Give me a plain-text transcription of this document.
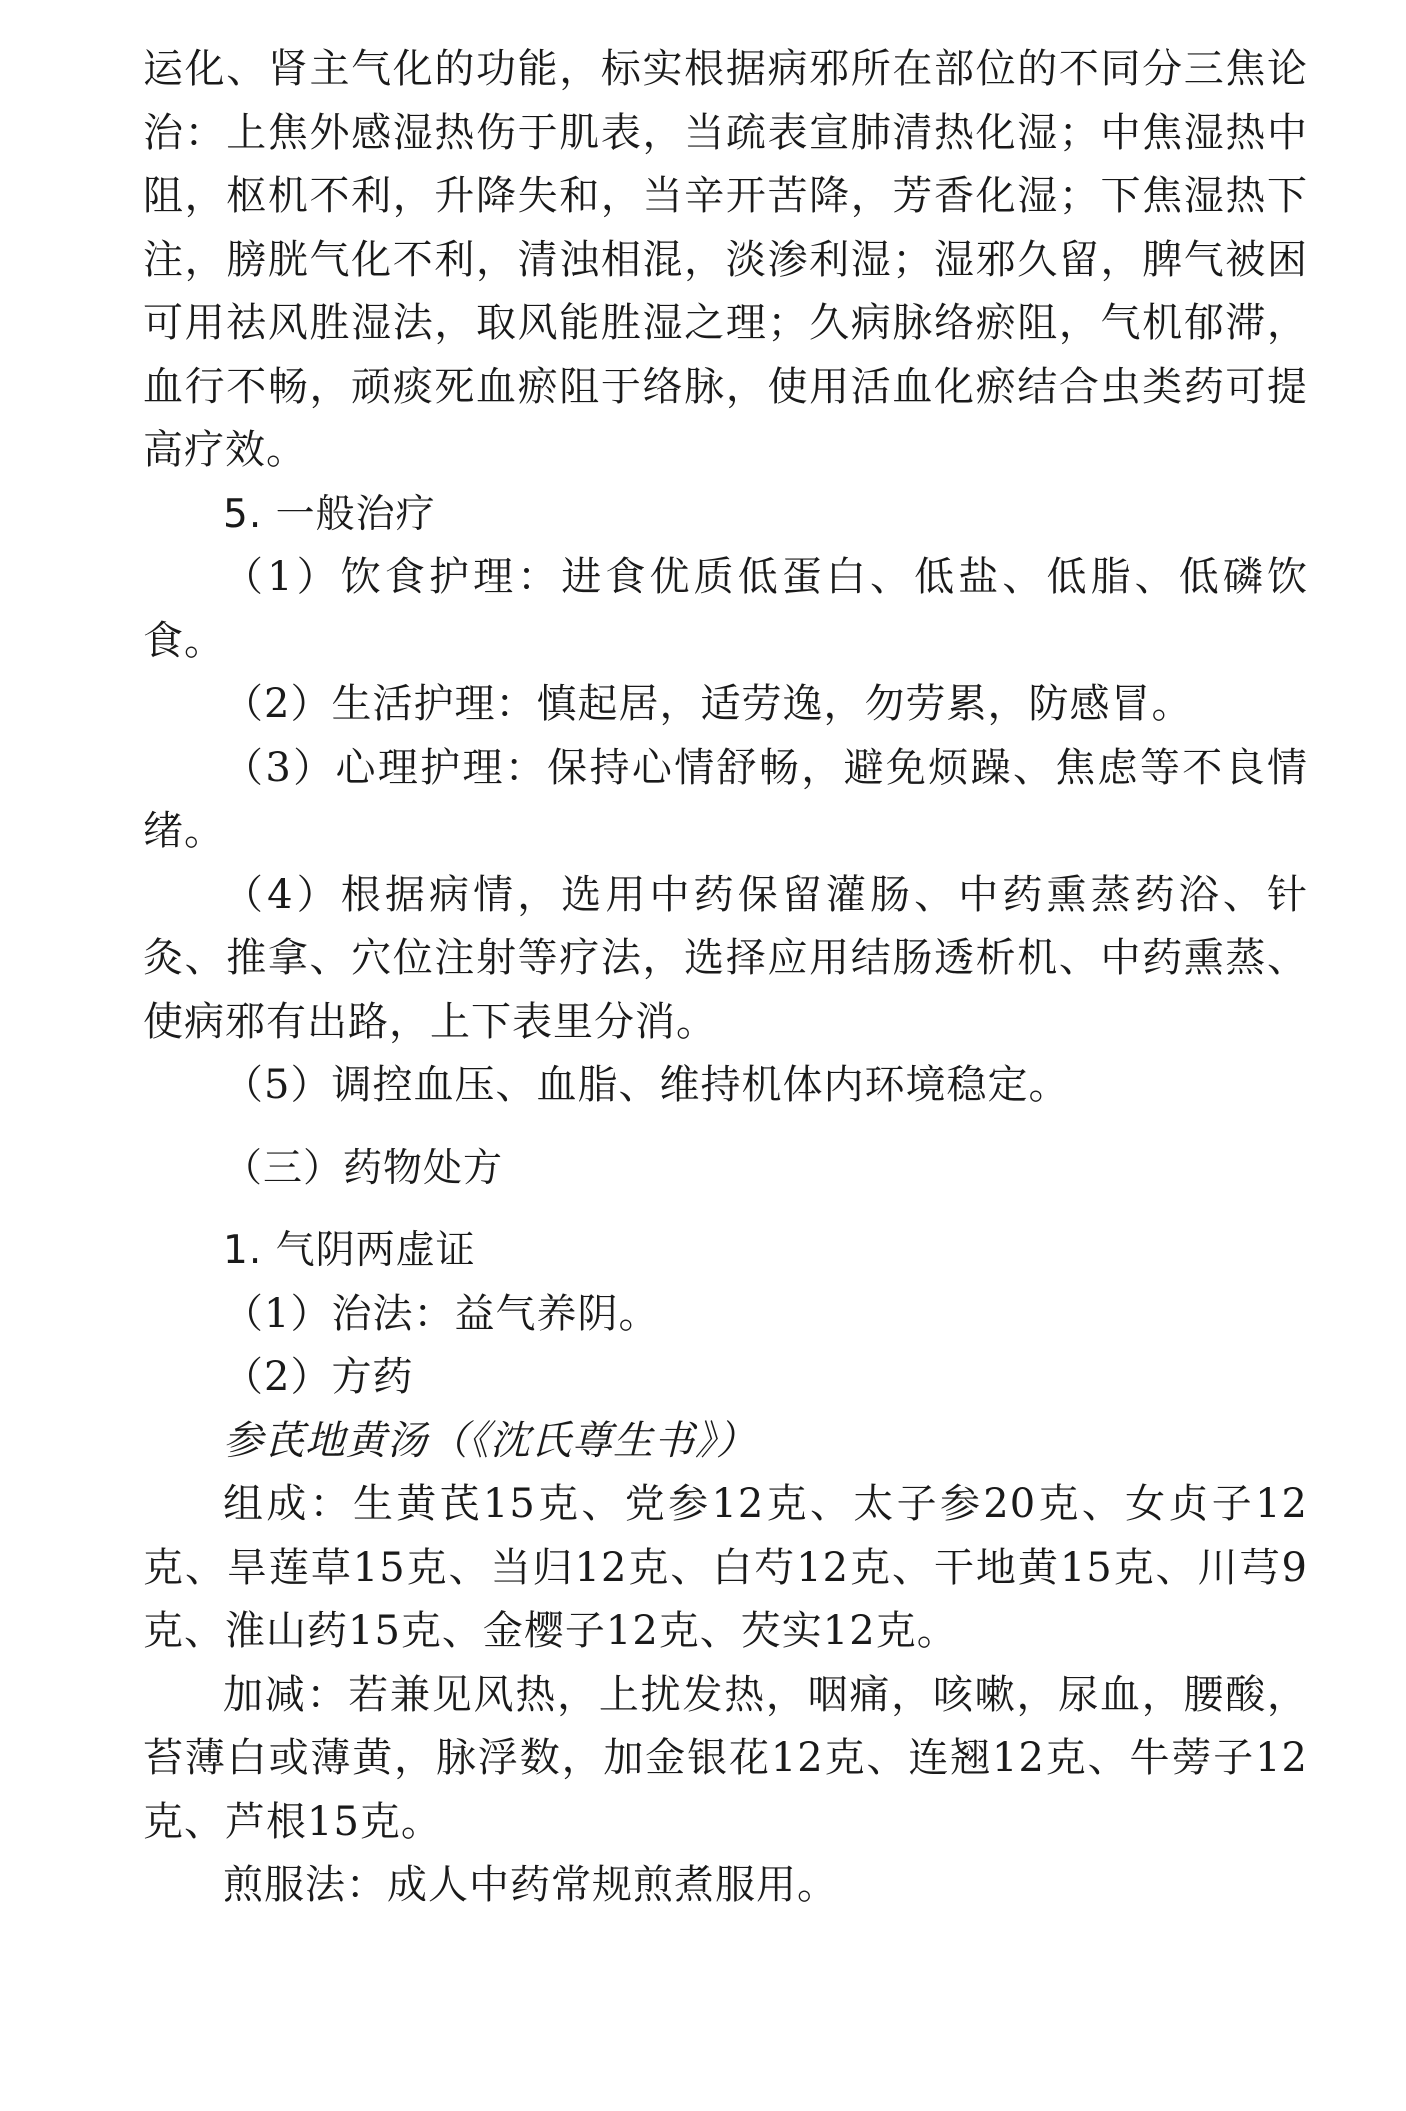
运化、肾主气化的功能，标实根据病邪所在部位的不同分三焦论治：上焦外感湿热伤于肌表，当疏表宣肺清热化湿；中焦湿热中阻，枢机不利，升降失和，当辛开苦降，芳香化湿；下焦湿热下注，膀胱气化不利，清浊相混，淡渗利湿；湿邪久留，脾气被困可用祛风胜湿法，取风能胜湿之理；久病脉络瘀阻，气机郁滞，血行不畅，顽痰死血瘀阻于络脉，使用活血化瘀结合虫类药可提高疗效。

5. 一般治疗

（1）饮食护理：进食优质低蛋白、低盐、低脂、低磷饮食。

（2）生活护理：慎起居，适劳逸，勿劳累，防感冒。

（3）心理护理：保持心情舒畅，避免烦躁、焦虑等不良情绪。

（4）根据病情，选用中药保留灌肠、中药熏蒸药浴、针灸、推拿、穴位注射等疗法，选择应用结肠透析机、中药熏蒸、使病邪有出路，上下表里分消。

（5）调控血压、血脂、维持机体内环境稳定。

（三）药物处方

1. 气阴两虚证

（1）治法：益气养阴。

（2）方药

参芪地黄汤（《沈氏尊生书》）

组成：生黄芪15克、党参12克、太子参20克、女贞子12克、旱莲草15克、当归12克、白芍12克、干地黄15克、川芎9克、淮山药15克、金樱子12克、芡实12克。

加减：若兼见风热，上扰发热，咽痛，咳嗽，尿血，腰酸，苔薄白或薄黄，脉浮数，加金银花12克、连翘12克、牛蒡子12克、芦根15克。

煎服法：成人中药常规煎煮服用。
